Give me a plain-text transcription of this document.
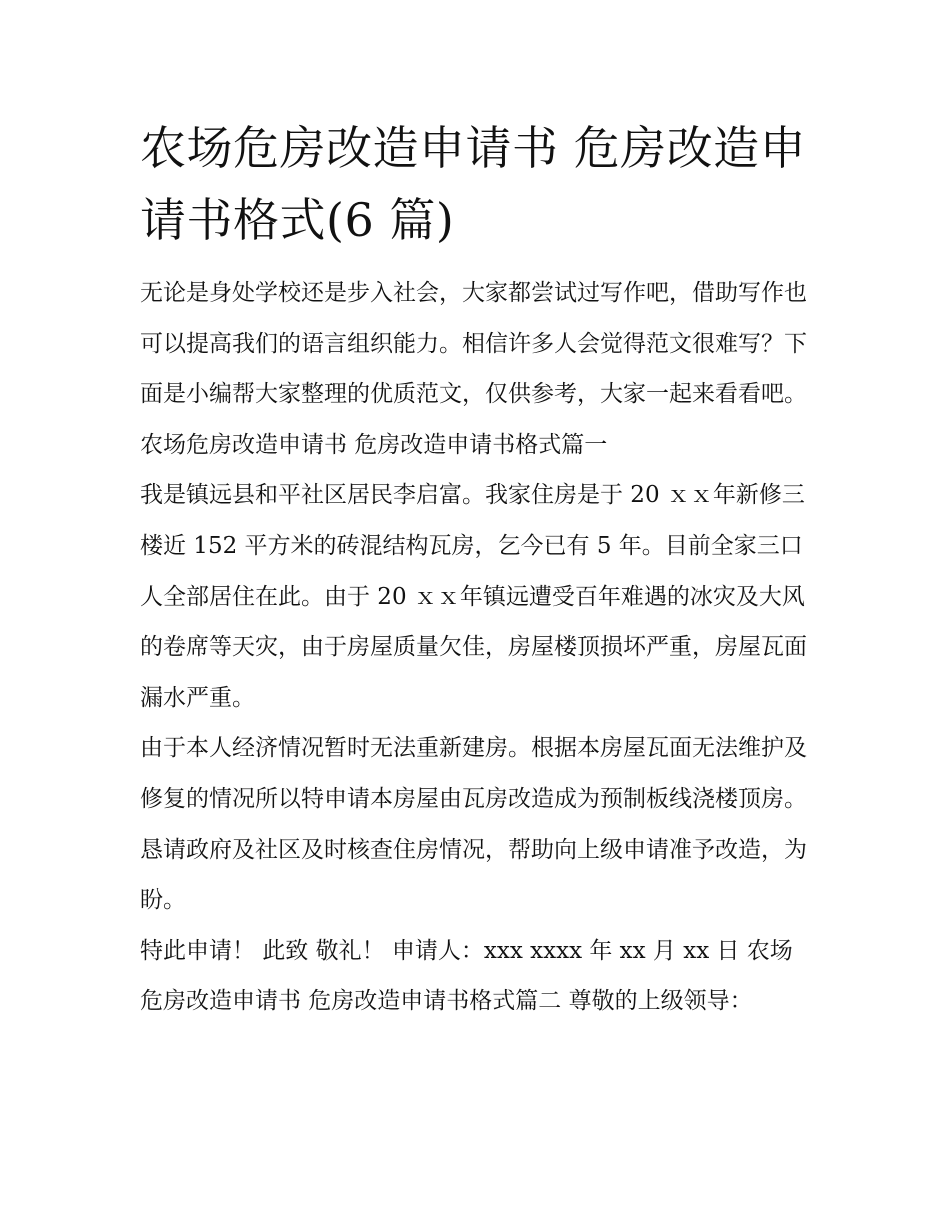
农场危房改造申请书 危房改造申请书格式(6 篇)

无论是身处学校还是步入社会，大家都尝试过写作吧，借助写作也可以提高我们的语言组织能力。相信许多人会觉得范文很难写？下面是小编帮大家整理的优质范文，仅供参考，大家一起来看看吧。

农场危房改造申请书 危房改造申请书格式篇一

我是镇远县和平社区居民李启富。我家住房是于 20 ｘｘ年新修三楼近 152 平方米的砖混结构瓦房，乞今已有 5 年。目前全家三口人全部居住在此。由于 20 ｘｘ年镇远遭受百年难遇的冰灾及大风的卷席等天灾，由于房屋质量欠佳，房屋楼顶损坏严重，房屋瓦面漏水严重。

由于本人经济情况暂时无法重新建房。根据本房屋瓦面无法维护及修复的情况所以特申请本房屋由瓦房改造成为预制板线浇楼顶房。恳请政府及社区及时核查住房情况，帮助向上级申请准予改造，为盼。

特此申请！ 此致 敬礼！ 申请人：xxx xxxx 年 xx 月 xx 日 农场危房改造申请书 危房改造申请书格式篇二 尊敬的上级领导：
